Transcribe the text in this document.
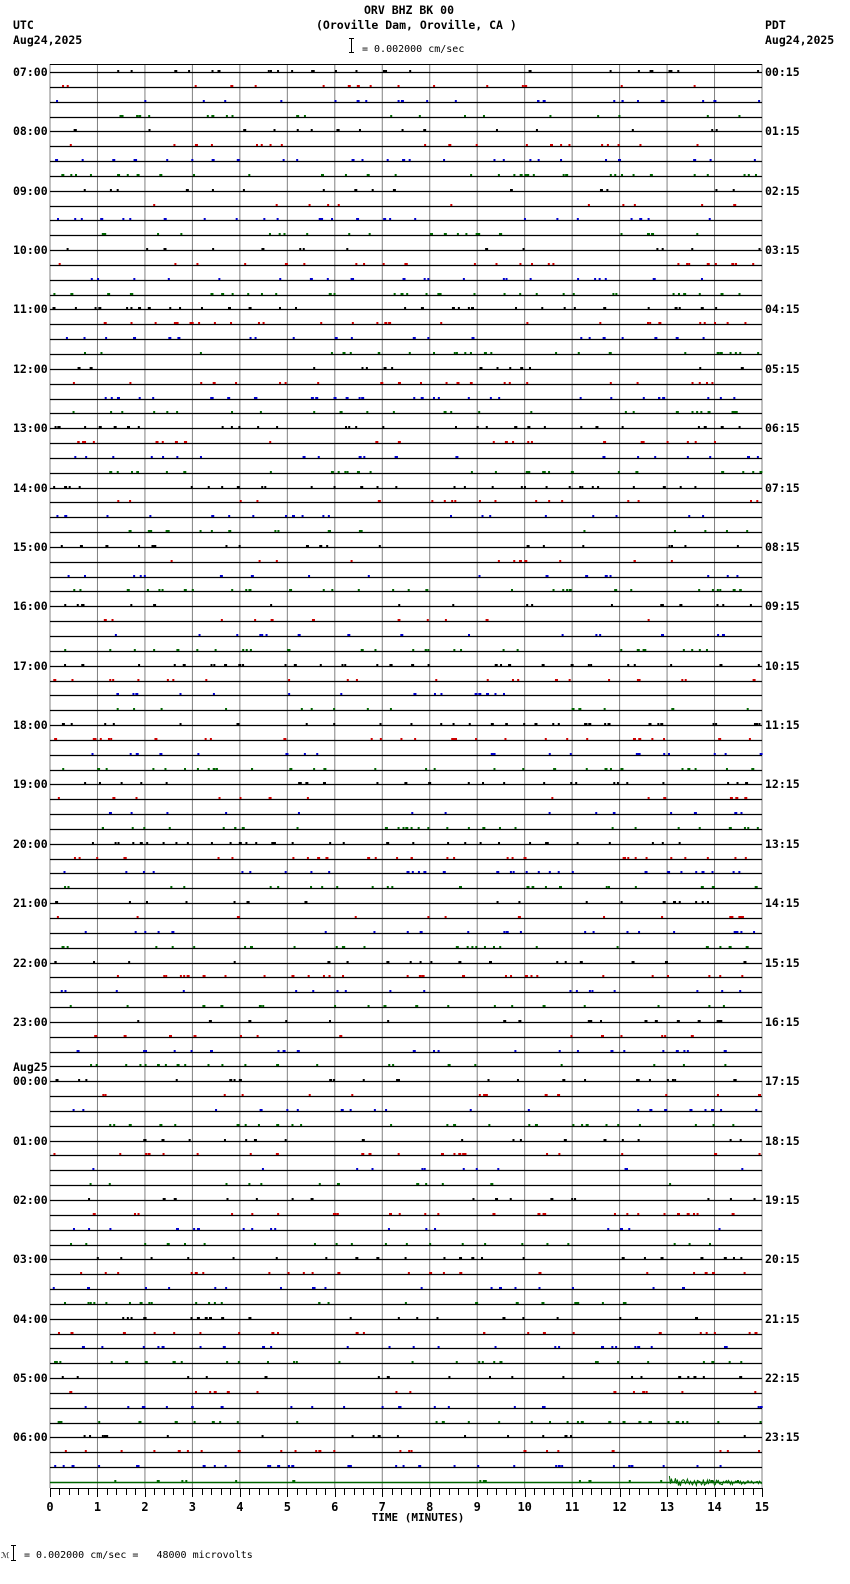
ORV BHZ BK 00
(Oroville Dam, Oroville, CA )
UTC
Aug24,2025
PDT
Aug24,2025
= 0.002000 cm/sec
0	1	2	3	4	5	6	7	8	9	10	11	12	13	14	15
TIME (MINUTES)
07:00
08:00
09:00
10:00
11:00
12:00
13:00
14:00
15:00
16:00
17:00
18:00
19:00
20:00
21:00
22:00
23:00
00:00
Aug25
01:00
02:00
03:00
04:00
05:00
06:00
00:15
01:15
02:15
03:15
04:15
05:15
06:15
07:15
08:15
09:15
10:15
11:15
12:15
13:15
14:15
15:15
16:15
17:15
18:15
19:15
20:15
21:15
22:15
23:15
ℳ = 0.002000 cm/sec =   48000 microvolts
